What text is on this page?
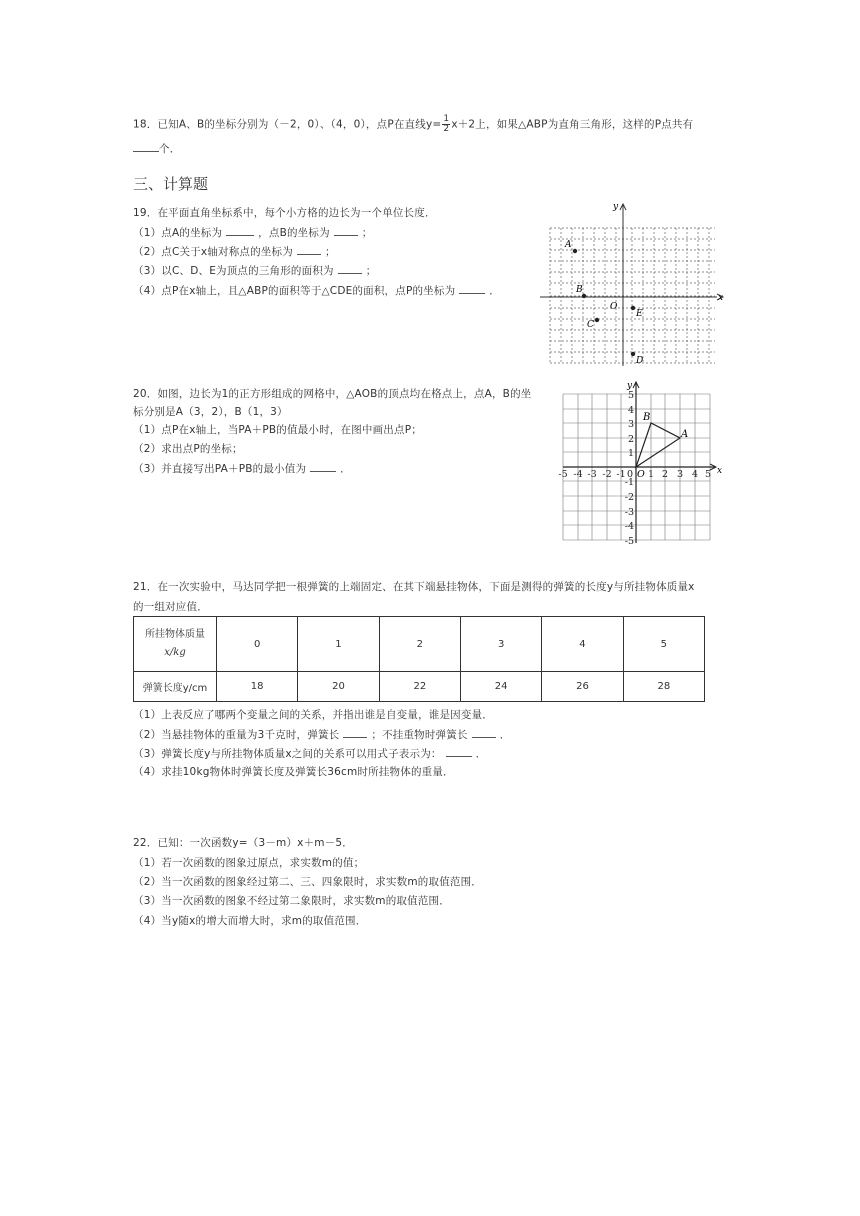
18．已知A、B的坐标分别为（－2，0）、（4，0），点P在直线$y= \frac{1}{2} x+2$上，如果△ABP为直角三角形，这样的P点共有
个．
三、计算题
19．在平面直角坐标系中，每个小方格的边长为一个单位长度．
（1）点A的坐标为	，点B的坐标为	；
（2）点C关于x轴对称点的坐标为	；
（3）以C、D、E为顶点的三角形的面积为	；
（4）点P在x轴上，且△ABP的面积等于△CDE的面积，点P的坐标为	．
x
y
O
A
B
C
E
D
20．如图，边长为1的正方形组成的网格中，△AOB的顶点均在格点上，点A，B的坐
标分别是A（3，2），B（1，3）
（1）点P在x轴上，当PA＋PB的值最小时，在图中画出点P；
（2）求出点P的坐标；
（3）并直接写出PA＋PB的最小值为	．	x
y
-5 -4 -3 -2 -1 0 1 2 3 4 5
O
5
4
3
2
1
-1
-2
-3
-4
-5
A
B
21．在一次实验中，马达同学把一根弹簧的上端固定、在其下端悬挂物体，下面是测得的弹簧的长度y与所挂物体质量x
的一组对应值．
所挂物体质量
x/kg	0	1	2	3	4	5
弹簧长度y/cm	18	20	22	24	26	28
（1）上表反应了哪两个变量之间的关系，并指出谁是自变量，谁是因变量．
（2）当悬挂物体的重量为3千克时，弹簧长	；不挂重物时弹簧长	．
（3）弹簧长度y与所挂物体质量x之间的关系可以用式子表示为：	．
（4）求挂10kg物体时弹簧长度及弹簧长36cm时所挂物体的重量．
22．已知：一次函数y=（3－m）x＋m－5．
（1）若一次函数的图象过原点，求实数m的值；
（2）当一次函数的图象经过第二、三、四象限时，求实数m的取值范围．
（3）当一次函数的图象不经过第二象限时，求实数m的取值范围．
（4）当y随x的增大而增大时，求m的取值范围．
